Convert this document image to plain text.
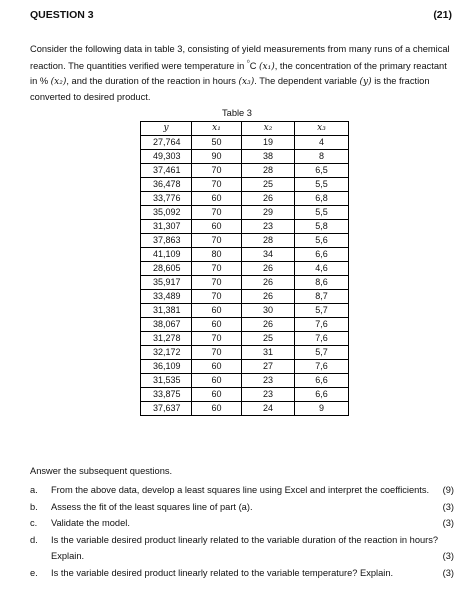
QUESTION 3	(21)
Consider the following data in table 3, consisting of yield measurements from many runs of a chemical
reaction. The quantities verified were temperature in $^{^0}$C (x₁), the concentration of the primary reactant
in % (x₂), and the duration of the reaction in hours (x₃). The dependent variable (y) is the fraction
converted to desired product.
Table 3
y	x₁	x₂	x₃
27,764	50	19	4
49,303	90	38	8
37,461	70	28	6,5
36,478	70	25	5,5
33,776	60	26	6,8
35,092	70	29	5,5
31,307	60	23	5,8
37,863	70	28	5,6
41,109	80	34	6,6
28,605	70	26	4,6
35,917	70	26	8,6
33,489	70	26	8,7
31,381	60	30	5,7
38,067	60	26	7,6
31,278	70	25	7,6
32,172	70	31	5,7
36,109	60	27	7,6
31,535	60	23	6,6
33,875	60	23	6,6
37,637	60	24	9
Answer the subsequent questions.
a. From the above data, develop a least squares line using Excel and interpret the coefficients.	(9)
b. Assess the fit of the least squares line of part (a).	(3)
c. Validate the model.	(3)
d. Is the variable desired product linearly related to the variable duration of the reaction in hours?
Explain.	(3)
e. Is the variable desired product linearly related to the variable temperature? Explain.	(3)
